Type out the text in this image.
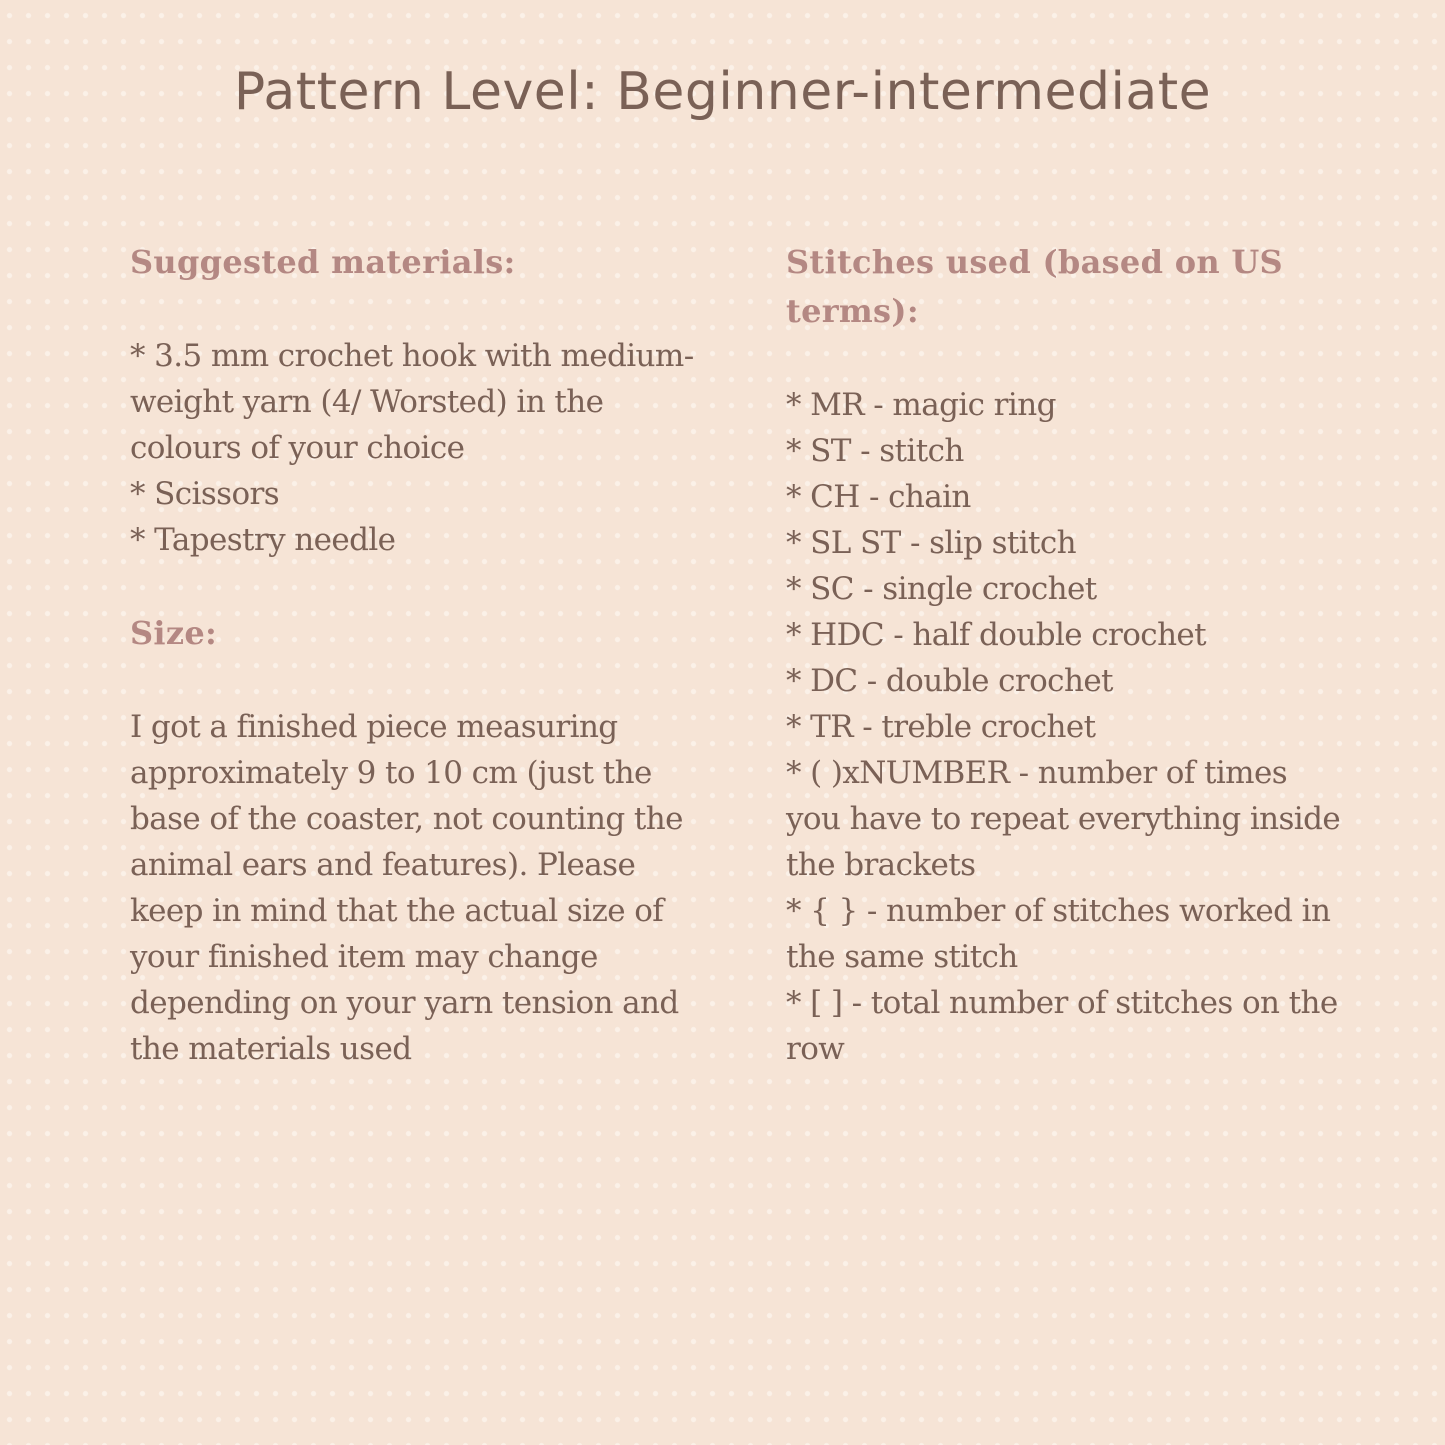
Pattern Level: Beginner-intermediate

Suggested materials:

* 3.5 mm crochet hook with medium-weight yarn (4/ Worsted) in the colours of your choice
* Scissors
* Tapestry needle

Size:

I got a finished piece measuring approximately 9 to 10 cm (just the base of the coaster, not counting the animal ears and features). Please keep in mind that the actual size of your finished item may change depending on your yarn tension and the materials used

Stitches used (based on US terms):

* MR - magic ring
* ST - stitch
* CH - chain
* SL ST - slip stitch
* SC - single crochet
* HDC - half double crochet
* DC - double crochet
* TR - treble crochet
* ( )xNUMBER - number of times you have to repeat everything inside the brackets
* { } - number of stitches worked in the same stitch
* [ ] - total number of stitches on the row
